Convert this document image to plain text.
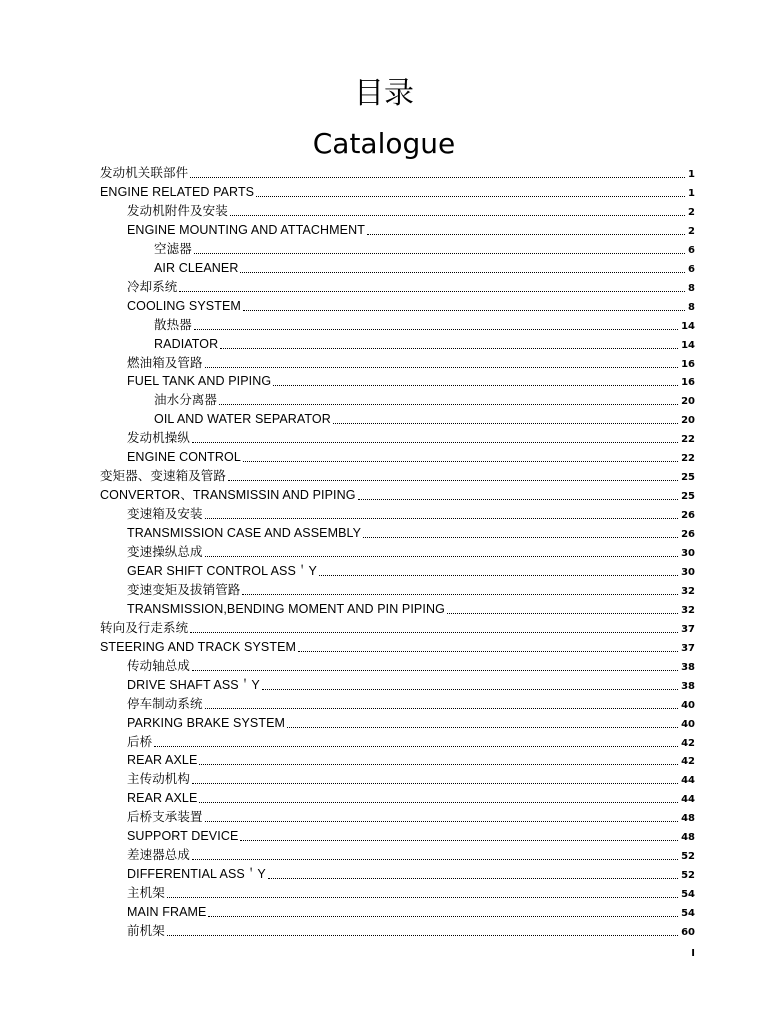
目录
Catalogue
发动机关联部件	1
ENGINE RELATED PARTS	1
发动机附件及安装	2
ENGINE MOUNTING AND ATTACHMENT	2
空滤器	6
AIR CLEANER	6
冷却系统	8
COOLING SYSTEM	8
散热器	14
RADIATOR	14
燃油箱及管路	16
FUEL TANK AND PIPING	16
油水分离器	20
OIL AND WATER SEPARATOR	20
发动机操纵	22
ENGINE CONTROL	22
变矩器、变速箱及管路	25
CONVERTOR、TRANSMISSIN AND PIPING	25
变速箱及安装	26
TRANSMISSION CASE AND ASSEMBLY	26
变速操纵总成	30
GEAR SHIFT CONTROL ASS＇Y	30
变速变矩及拔销管路	32
TRANSMISSION,BENDING MOMENT AND PIN PIPING	32
转向及行走系统	37
STEERING AND TRACK SYSTEM	37
传动轴总成	38
DRIVE SHAFT ASS＇Y	38
停车制动系统	40
PARKING BRAKE SYSTEM	40
后桥	42
REAR AXLE	42
主传动机构	44
REAR AXLE	44
后桥支承装置	48
SUPPORT DEVICE	48
差速器总成	52
DIFFERENTIAL ASS＇Y	52
主机架	54
MAIN FRAME	54
前机架	60
I
